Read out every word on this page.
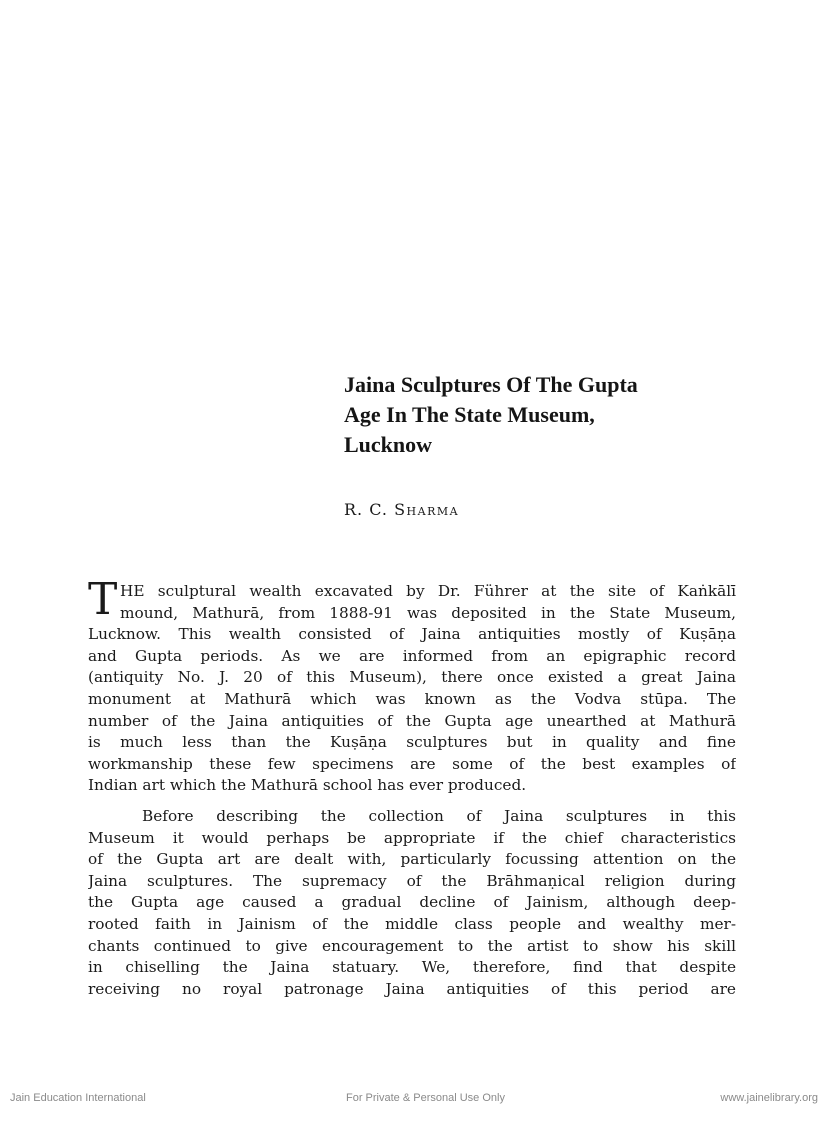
Jaina Sculptures Of The Gupta
Age In The State Museum,
Lucknow
R. C. Sharma
T HE sculptural wealth excavated by Dr. Führer at the site of Kaṅkālī
mound, Mathurā, from 1888-91 was deposited in the State Museum,
Lucknow. This wealth consisted of Jaina antiquities mostly of Kuṣāṇa
and Gupta periods. As we are informed from an epigraphic record
(antiquity No. J. 20 of this Museum), there once existed a great Jaina
monument at Mathurā which was known as the Vodva stūpa. The
number of the Jaina antiquities of the Gupta age unearthed at Mathurā
is much less than the Kuṣāṇa sculptures but in quality and fine
workmanship these few specimens are some of the best examples of
Indian art which the Mathurā school has ever produced.
Before describing the collection of Jaina sculptures in this
Museum it would perhaps be appropriate if the chief characteristics
of the Gupta art are dealt with, particularly focussing attention on the
Jaina sculptures. The supremacy of the Brāhmaṇical religion during
the Gupta age caused a gradual decline of Jainism, although deep-
rooted faith in Jainism of the middle class people and wealthy mer-
chants continued to give encouragement to the artist to show his skill
in chiselling the Jaina statuary. We, therefore, find that despite
receiving no royal patronage Jaina antiquities of this period are
Jain Education International	For Private & Personal Use Only	www.jainelibrary.org
